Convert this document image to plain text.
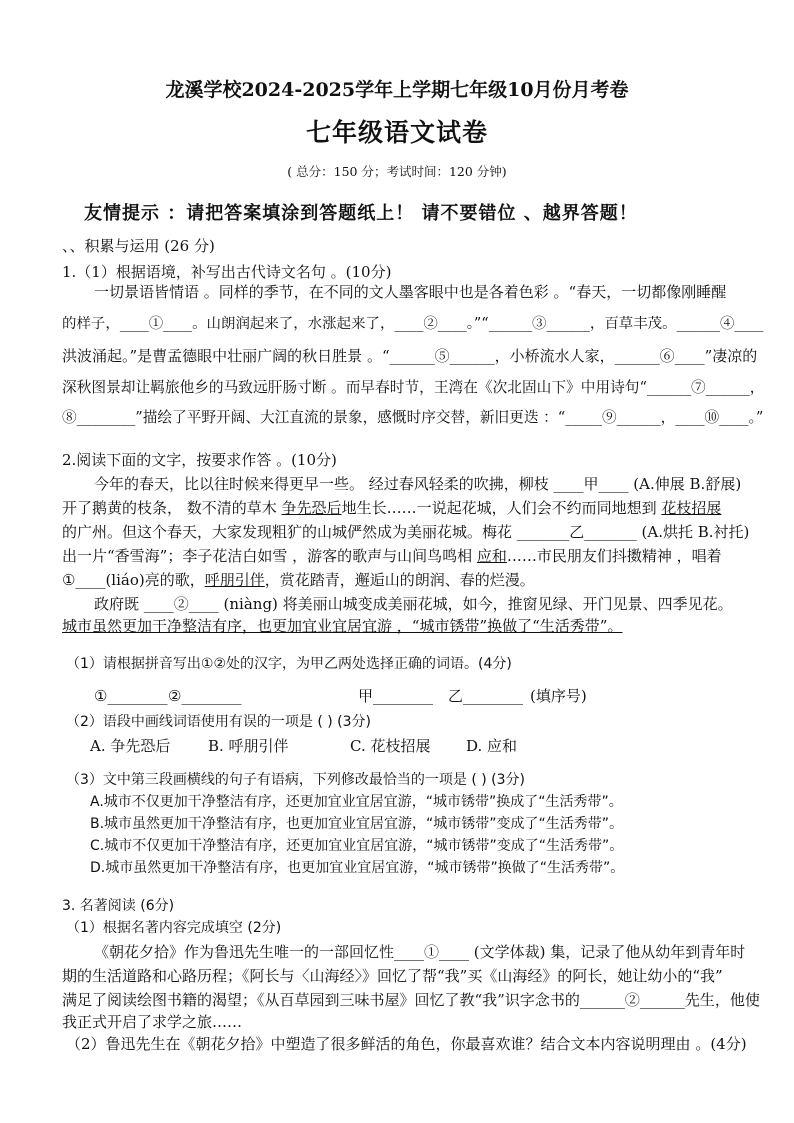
龙溪学校2024-2025学年上学期七年级10月份月考卷
七年级语文试卷
( 总分：150 分；考试时间：120 分钟)
友情提示 ：请把答案填涂到答题纸上！ 请不要错位 、越界答题！
、、积累与运用 (26 分)
1.（1）根据语境，补写出古代诗文名句 。(10分)
一切景语皆情语 。同样的季节，在不同的文人墨客眼中也是各着色彩 。“春天，一切都像刚睡醒
的样子，____①____。山朗润起来了，水涨起来了，____②____。”“______③______，百草丰茂。______④____
洪波涌起。”是曹孟德眼中壮丽广阔的秋日胜景 。“______⑤______，小桥流水人家，______⑥____”凄凉的
深秋图景却让羁旅他乡的马致远肝肠寸断 。而早春时节，王湾在《次北固山下》中用诗句“______⑦______，
⑧________”描绘了平野开阔、大江直流的景象，感慨时序交替，新旧更迭 ：“_____⑨______，____⑩____。”
2.阅读下面的文字，按要求作答 。(10分)
今年的春天，比以往时候来得更早一些。 经过春风轻柔的吹拂，柳枝 ____甲____ (A.伸展 B.舒展)
开了鹅黄的枝条， 数不清的草木 争先恐后地生长……一说起花城，人们会不约而同地想到 花枝招展
的广州。但这个春天，大家发现粗犷的山城俨然成为美丽花城。梅花 _______乙_______ (A.烘托 B.衬托)
出一片“香雪海”；李子花洁白如雪 ，游客的歌声与山间鸟鸣相 应和……市民朋友们抖擞精神 ，唱着
①____(liáo)亮的歌，呼朋引伴，赏花踏青，邂逅山的朗润、春的烂漫。
政府既 ____②____ (niàng) 将美丽山城变成美丽花城，如今，推窗见绿、开门见景、四季见花。
城市虽然更加干净整洁有序，也更加宜业宜居宜游 ，“城市锈带”换做了“生活秀带”。
（1）请根据拼音写出①②处的汉字，为甲乙两处选择正确的词语。(4分)
①________ ②________	甲________ 乙________ (填序号)
（2）语段中画线词语使用有误的一项是 ( ) (3分)
A. 争先恐后	B. 呼朋引伴	C. 花枝招展 D. 应和
（3）文中第三段画横线的句子有语病，下列修改最恰当的一项是 ( ) (3分)
A.城市不仅更加干净整洁有序，还更加宜业宜居宜游，“城市锈带”换成了“生活秀带”。
B.城市虽然更加干净整洁有序，也更加宜业宜居宜游，“城市锈带”变成了“生活秀带”。
C.城市不仅更加干净整洁有序，还更加宜业宜居宜游，“城市锈带”变成了“生活秀带”。
D.城市虽然更加干净整洁有序，也更加宜业宜居宜游，“城市锈带”换做了“生活秀带”。
3. 名著阅读 (6分)
（1）根据名著内容完成填空 (2分)
《朝花夕拾》作为鲁迅先生唯一的一部回忆性____①____ (文学体裁) 集，记录了他从幼年到青年时
期的生活道路和心路历程；《阿长与〈山海经〉》回忆了帮“我”买《山海经》的阿长，她让幼小的“我”
满足了阅读绘图书籍的渴望；《从百草园到三味书屋》回忆了教“我”识字念书的______②______先生，他使
我正式开启了求学之旅……
（2）鲁迅先生在《朝花夕拾》中塑造了很多鲜活的角色，你最喜欢谁？结合文本内容说明理由 。(4分)
